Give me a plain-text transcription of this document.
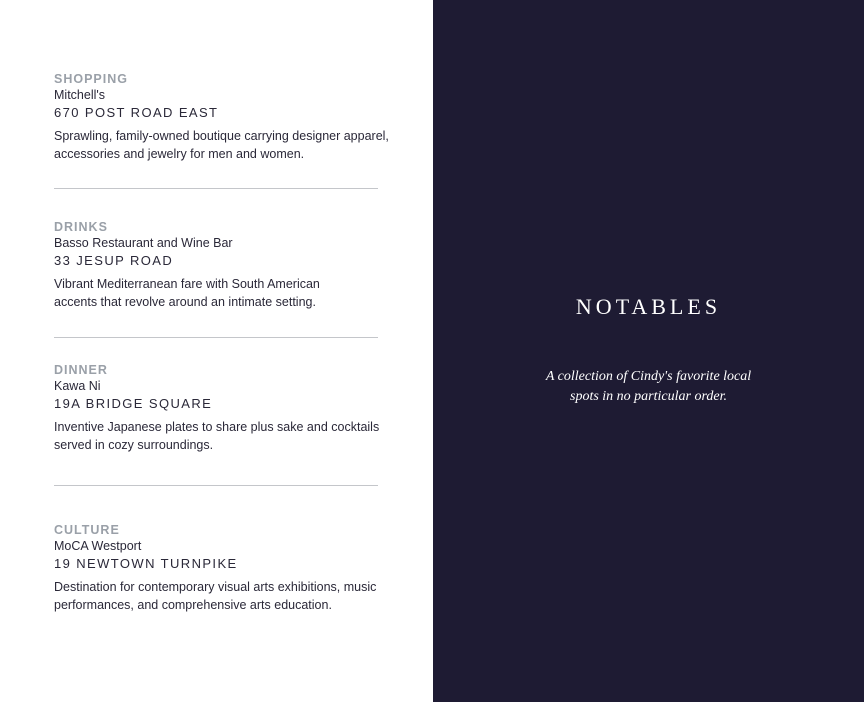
SHOPPING
Mitchell's
670 POST ROAD EAST
Sprawling, family-owned boutique carrying designer apparel, accessories and jewelry for men and women.
DRINKS
Basso Restaurant and Wine Bar
33 JESUP ROAD
Vibrant Mediterranean fare with South American accents that revolve around an intimate setting.
DINNER
Kawa Ni
19A BRIDGE SQUARE
Inventive Japanese plates to share plus sake and cocktails served in cozy surroundings.
CULTURE
MoCA Westport
19 NEWTOWN TURNPIKE
Destination for contemporary visual arts exhibitions, music performances, and comprehensive arts education.
NOTABLES
A collection of Cindy's favorite local spots in no particular order.
